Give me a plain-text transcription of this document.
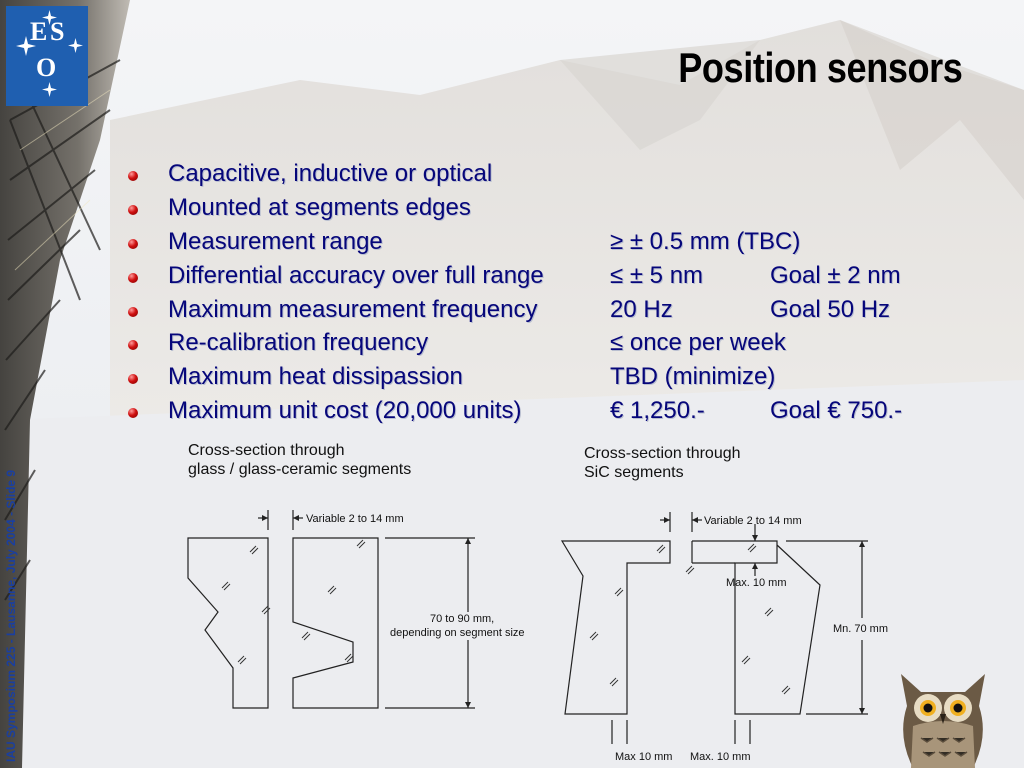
E S
O	Position sensors
Capacitive, inductive or optical
Mounted at segments edges
Measurement range	≥ ± 0.5 mm (TBC)
Differential accuracy over full range	≤ ± 5 nm	Goal ± 2 nm
Maximum measurement frequency	20 Hz	Goal 50 Hz
Re-calibration frequency	≤ once per week
Maximum heat dissipassion	TBD (minimize)
Maximum unit cost (20,000 units)	€ 1,250.-	Goal € 750.-
IAU Symposium 225 - Lausanne, July 2004 - Slide 9
Cross-section through
glass / glass-ceramic segments
Cross-section through
SiC segments
Variable 2 to 14 mm
70 to 90 mm,
depending on segment size
Variable 2 to 14 mm
Max. 10 mm
Mn. 70 mm
Max 10 mm Max. 10 mm
